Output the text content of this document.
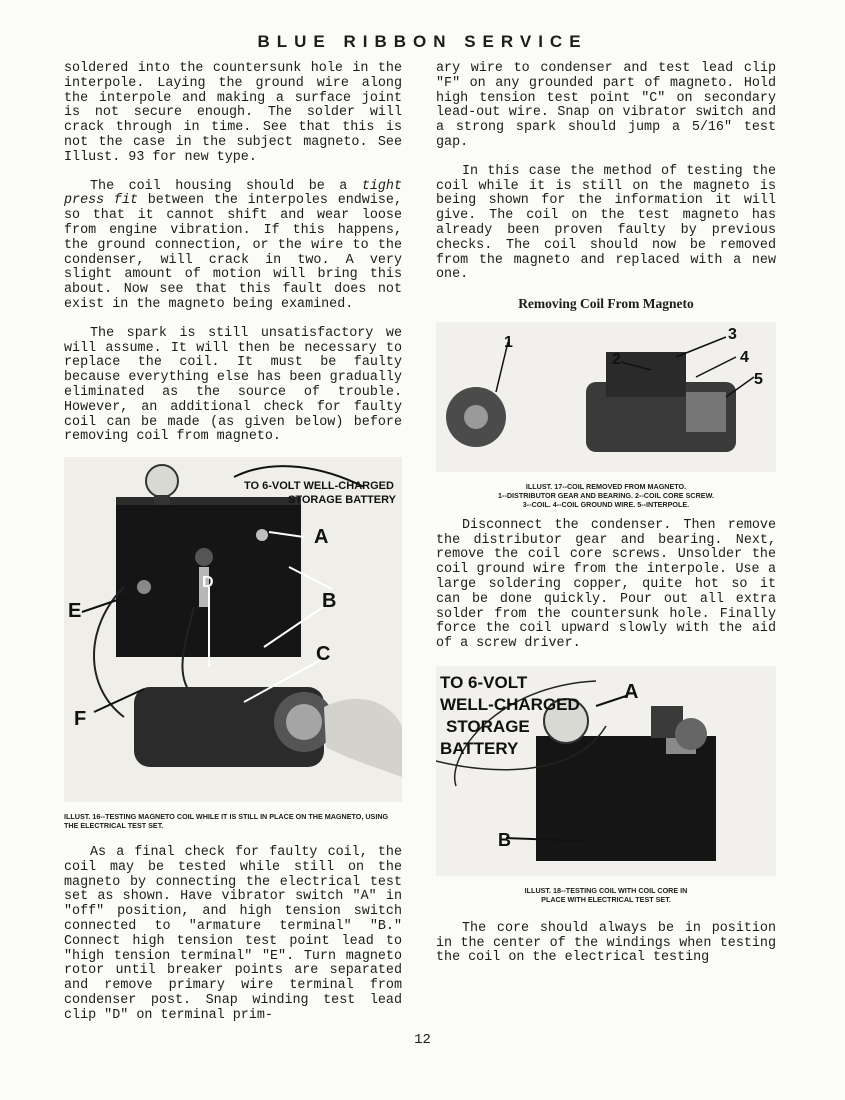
BLUE RIBBON SERVICE

soldered into the countersunk hole in the interpole. Laying the ground wire along the interpole and making a surface joint is not secure enough. The solder will crack through in time. See that this is not the case in the subject magneto. See Illust. 93 for new type.

The coil housing should be a tight press fit between the interpoles endwise, so that it cannot shift and wear loose from engine vibration. If this happens, the ground connection, or the wire to the condenser, will crack in two. A very slight amount of motion will bring this about. Now see that this fault does not exist in the magneto being examined.

The spark is still unsatisfactory we will assume. It will then be necessary to replace the coil. It must be faulty because everything else has been gradually eliminated as the source of trouble. However, an additional check for faulty coil can be made (as given below) before removing coil from magneto.

TO 6-VOLT WELL-CHARGED
STORAGE BATTERY
A
B
C
D
E
F
ILLUST. 16--TESTING MAGNETO COIL WHILE IT IS STILL IN PLACE ON THE MAGNETO, USING THE ELECTRICAL TEST SET.

As a final check for faulty coil, the coil may be tested while still on the magneto by connecting the electrical test set as shown. Have vibrator switch "A" in "off" position, and high tension switch connected to "armature terminal" "B." Connect high tension test point lead to "high tension terminal" "E". Turn magneto rotor until breaker points are separated and remove primary wire terminal from condenser post. Snap winding test lead clip "D" on terminal prim-

ary wire to condenser and test lead clip "F" on any grounded part of magneto. Hold high tension test point "C" on secondary lead-out wire. Snap on vibrator switch and a strong spark should jump a 5/16" test gap.

In this case the method of testing the coil while it is still on the magneto is being shown for the information it will give. The coil on the test magneto has already been proven faulty by previous checks. The coil should now be removed from the magneto and replaced with a new one.

Removing Coil From Magneto
1
2
3
4
5
ILLUST. 17--COIL REMOVED FROM MAGNETO.
1--DISTRIBUTOR GEAR AND BEARING. 2--COIL CORE SCREW.
3--COIL. 4--COIL GROUND WIRE. 5--INTERPOLE.

Disconnect the condenser. Then remove the distributor gear and bearing. Next, remove the coil core screws. Unsolder the coil ground wire from the interpole. Use a large soldering copper, quite hot so it can be done quickly. Pour out all extra solder from the countersunk hole. Finally force the coil upward slowly with the aid of a screw driver.

TO 6-VOLT
WELL-CHARGED
STORAGE
BATTERY
A
B
ILLUST. 18--TESTING COIL WITH COIL CORE IN
PLACE WITH ELECTRICAL TEST SET.

The core should always be in position in the center of the windings when testing the coil on the electrical testing

12
